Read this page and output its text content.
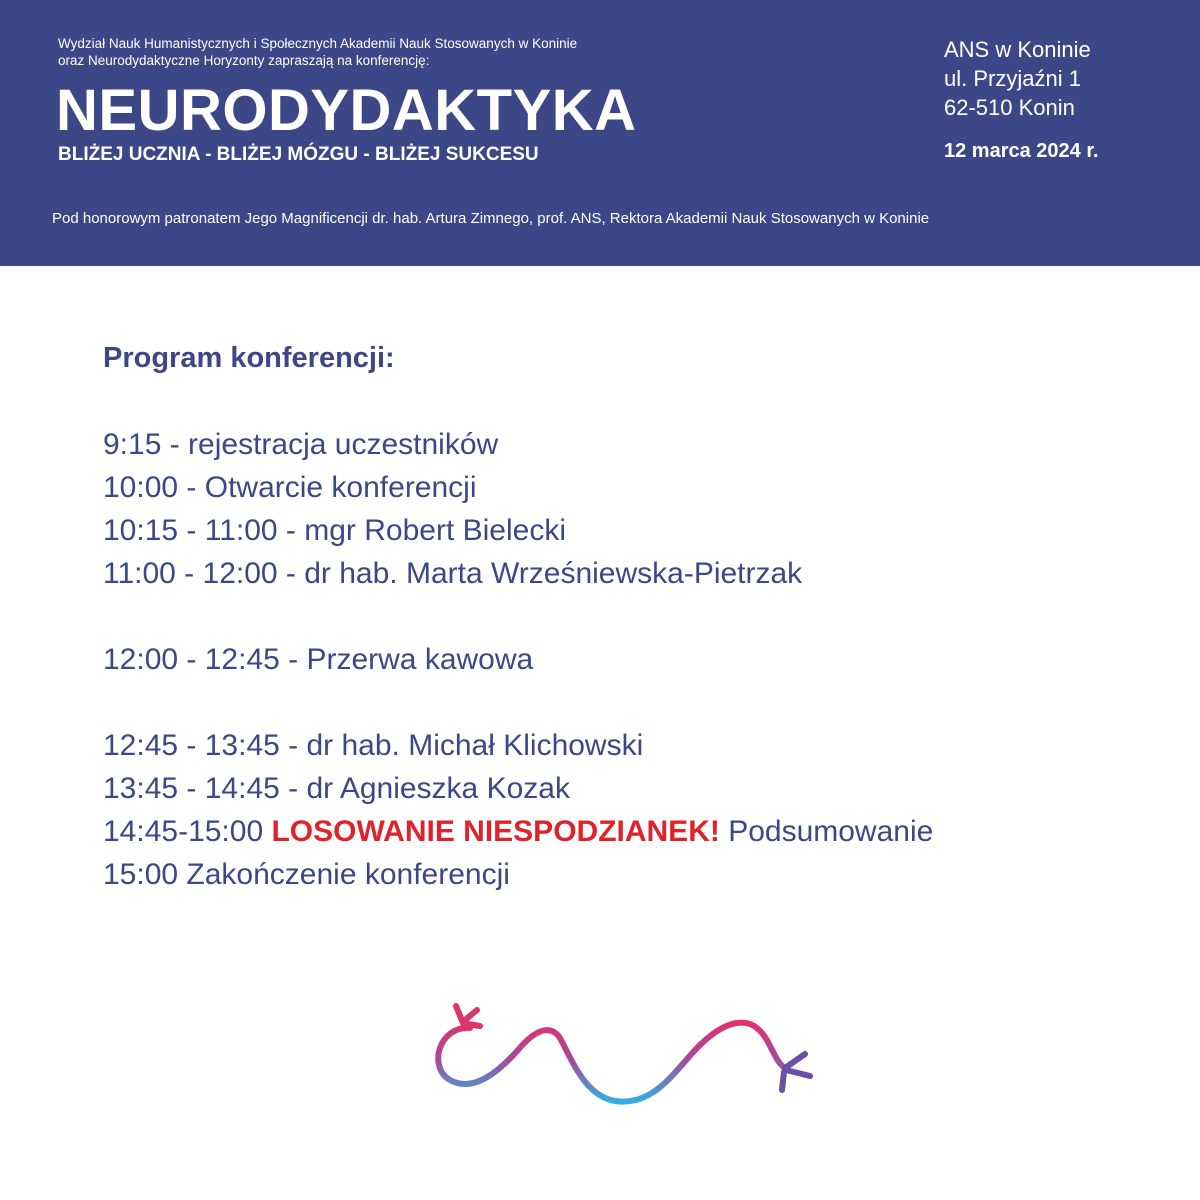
Wydział Nauk Humanistycznych i Społecznych Akademii Nauk Stosowanych w Koninie
oraz Neurodydaktyczne Horyzonty zapraszają na konferencję:
NEURODYDAKTYKA
BLIŻEJ UCZNIA - BLIŻEJ MÓZGU - BLIŻEJ SUKCESU
ANS w Koninie
ul. Przyjaźni 1
62-510 Konin
12 marca 2024 r.
Pod honorowym patronatem Jego Magnificencji dr. hab. Artura Zimnego, prof. ANS, Rektora Akademii Nauk Stosowanych w Koninie
Program konferencji:
9:15 - rejestracja uczestników
10:00 - Otwarcie konferencji
10:15 - 11:00 - mgr Robert Bielecki
11:00 - 12:00 - dr hab. Marta Wrześniewska-Pietrzak
12:00 - 12:45 - Przerwa kawowa
12:45 - 13:45 - dr hab. Michał Klichowski
13:45 - 14:45 - dr Agnieszka Kozak
14:45-15:00 LOSOWANIE NIESPODZIANEK! Podsumowanie
15:00 Zakończenie konferencji
